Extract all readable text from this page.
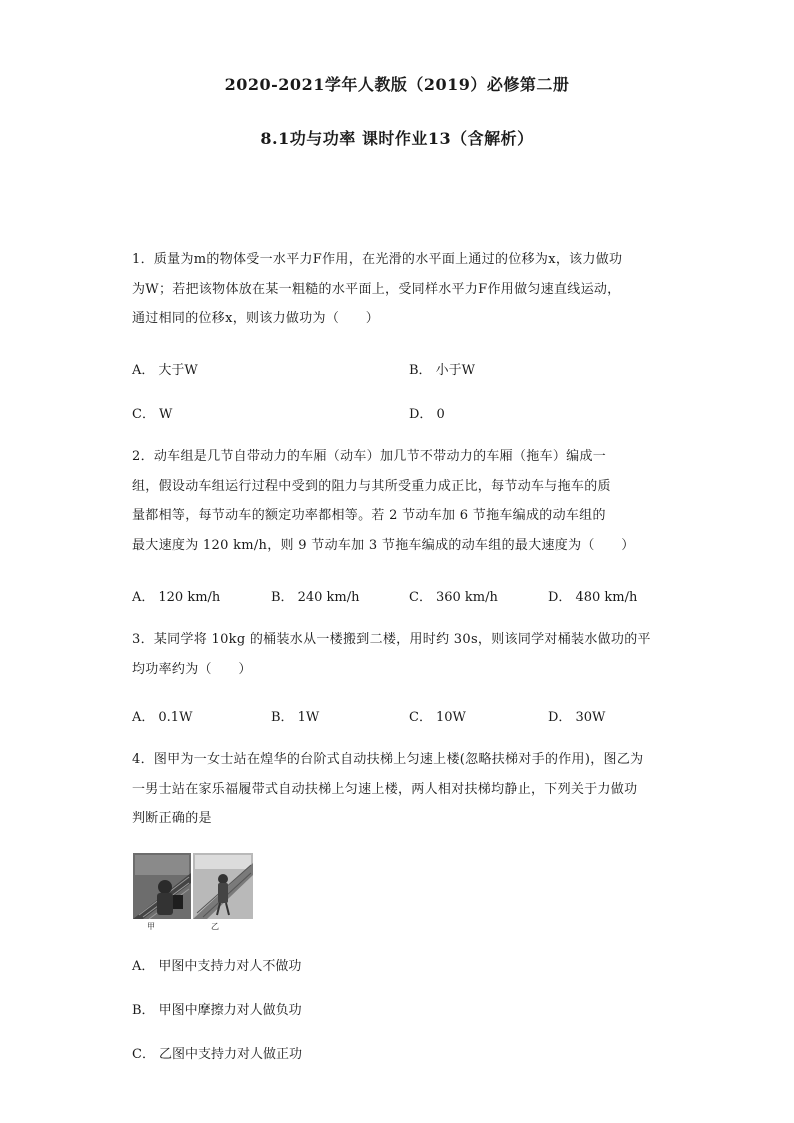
2020-2021学年人教版（2019）必修第二册
8.1功与功率 课时作业13（含解析）
1．质量为m的物体受一水平力F作用，在光滑的水平面上通过的位移为x，该力做功
为W；若把该物体放在某一粗糙的水平面上，受同样水平力F作用做匀速直线运动，
通过相同的位移x，则该力做功为（　　）
A． 大于W	B． 小于W
C． W	D． 0
2．动车组是几节自带动力的车厢（动车）加几节不带动力的车厢（拖车）编成一
组，假设动车组运行过程中受到的阻力与其所受重力成正比，每节动车与拖车的质
量都相等，每节动车的额定功率都相等。若 2 节动车加 6 节拖车编成的动车组的
最大速度为 120 km/h，则 9 节动车加 3 节拖车编成的动车组的最大速度为（　　）
A． 120 km/h	B． 240 km/h	C． 360 km/h	D． 480 km/h
3．某同学将 10kg 的桶装水从一楼搬到二楼，用时约 30s，则该同学对桶装水做功的平
均功率约为（　　）
A． 0.1W	B． 1W	C． 10W	D． 30W
4．图甲为一女士站在煌华的台阶式自动扶梯上匀速上楼(忽略扶梯对手的作用)，图乙为
一男士站在家乐福履带式自动扶梯上匀速上楼，两人相对扶梯均静止，下列关于力做功
判断正确的是
甲	乙
A． 甲图中支持力对人不做功
B． 甲图中摩擦力对人做负功
C． 乙图中支持力对人做正功
